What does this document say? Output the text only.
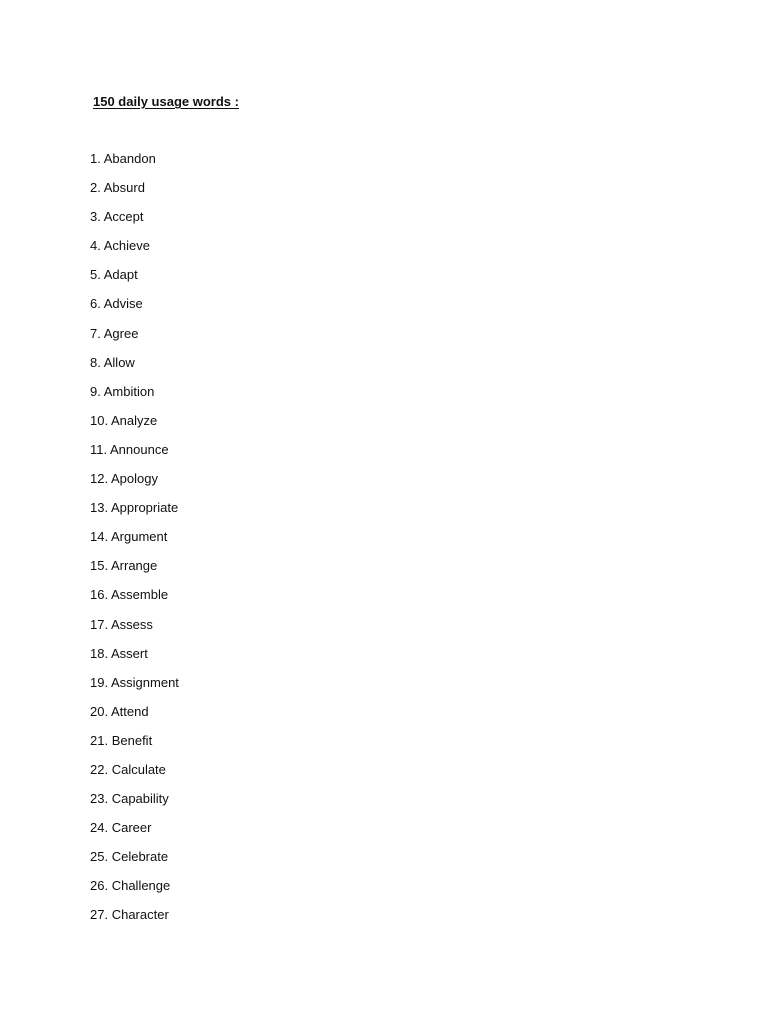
150 daily usage words :
1. Abandon
2. Absurd
3. Accept
4. Achieve
5. Adapt
6. Advise
7. Agree
8. Allow
9. Ambition
10. Analyze
11. Announce
12. Apology
13. Appropriate
14. Argument
15. Arrange
16. Assemble
17. Assess
18. Assert
19. Assignment
20. Attend
21. Benefit
22. Calculate
23. Capability
24. Career
25. Celebrate
26. Challenge
27. Character
